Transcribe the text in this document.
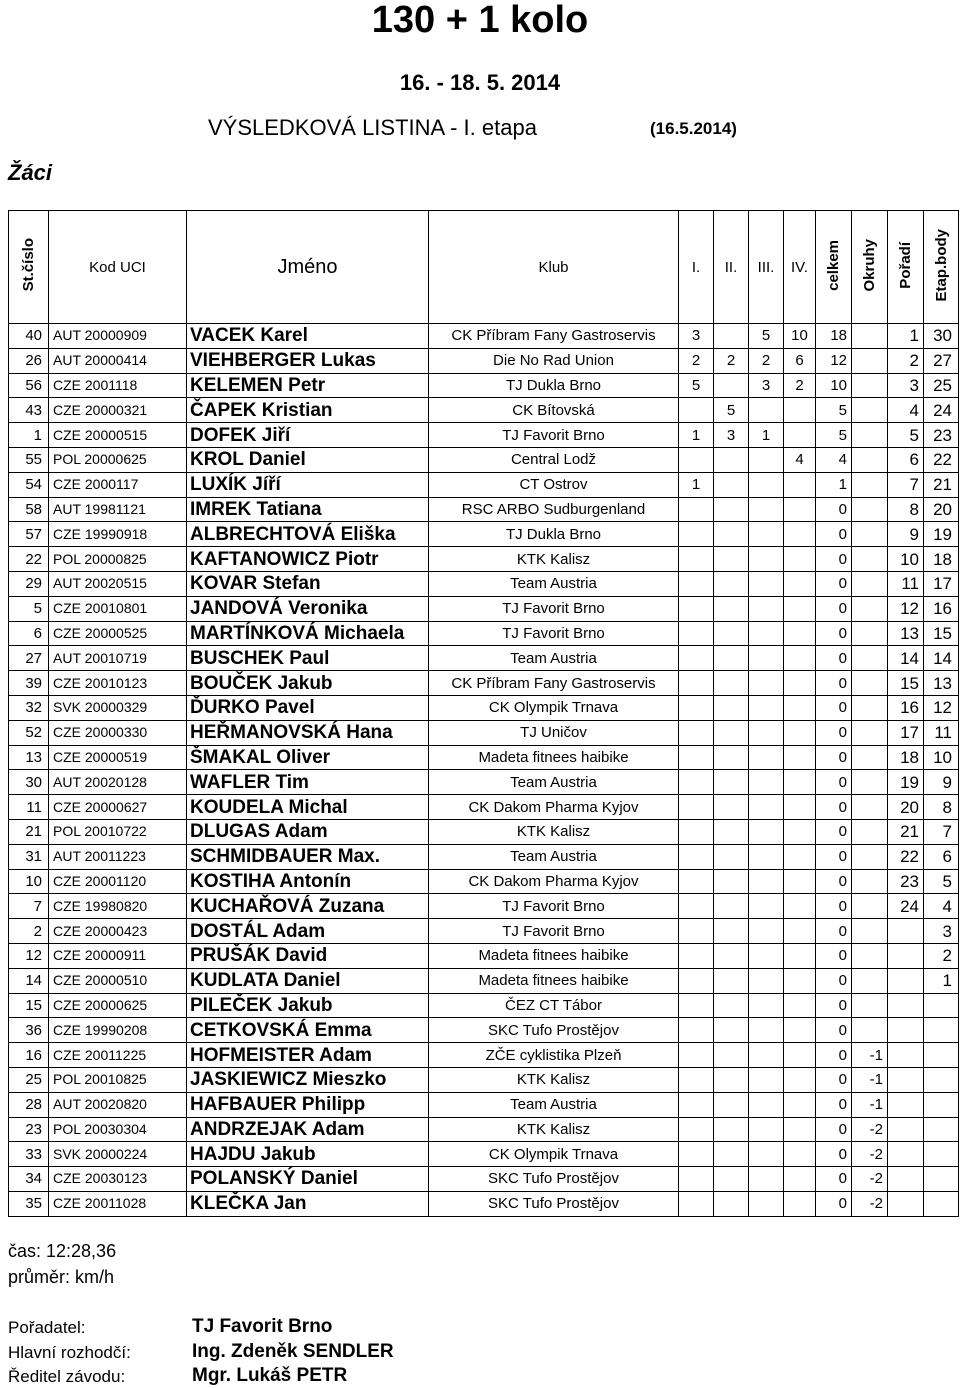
130 + 1 kolo
16. - 18. 5. 2014
VÝSLEDKOVÁ LISTINA - I. etapa	(16.5.2014)
Žáci
St.číslo	Kod UCI	Jméno	Klub	I.	II.	III.	IV.	celkem	Okruhy	Pořadí	Etap.body
40	AUT 20000909	VACEK Karel	CK Příbram Fany Gastroservis	3		5	10	18		1	30
26	AUT 20000414	VIEHBERGER Lukas	Die No Rad Union	2	2	2	6	12		2	27
56	CZE 2001118	KELEMEN Petr	TJ Dukla Brno	5		3	2	10		3	25
43	CZE 20000321	ČAPEK Kristian	CK Bítovská		5			5		4	24
1	CZE 20000515	DOFEK Jiří	TJ Favorit Brno	1	3	1		5		5	23
55	POL 20000625	KROL Daniel	Central Lodž				4	4		6	22
54	CZE 2000117	LUXÍK Jíří	CT Ostrov	1				1		7	21
58	AUT 19981121	IMREK Tatiana	RSC ARBO Sudburgenland					0		8	20
57	CZE 19990918	ALBRECHTOVÁ Eliška	TJ Dukla Brno					0		9	19
22	POL 20000825	KAFTANOWICZ Piotr	KTK Kalisz					0		10	18
29	AUT 20020515	KOVAR Stefan	Team Austria					0		11	17
5	CZE 20010801	JANDOVÁ Veronika	TJ Favorit Brno					0		12	16
6	CZE 20000525	MARTÍNKOVÁ Michaela	TJ Favorit Brno					0		13	15
27	AUT 20010719	BUSCHEK Paul	Team Austria					0		14	14
39	CZE 20010123	BOUČEK Jakub	CK Příbram Fany Gastroservis					0		15	13
32	SVK 20000329	ĎURKO Pavel	CK Olympik Trnava					0		16	12
52	CZE 20000330	HEŘMANOVSKÁ Hana	TJ Uničov					0		17	11
13	CZE 20000519	ŠMAKAL Oliver	Madeta fitnees haibike					0		18	10
30	AUT 20020128	WAFLER Tim	Team Austria					0		19	9
11	CZE 20000627	KOUDELA Michal	CK Dakom Pharma Kyjov					0		20	8
21	POL 20010722	DLUGAS Adam	KTK Kalisz					0		21	7
31	AUT 20011223	SCHMIDBAUER Max.	Team Austria					0		22	6
10	CZE 20001120	KOSTIHA Antonín	CK Dakom Pharma Kyjov					0		23	5
7	CZE 19980820	KUCHAŘOVÁ Zuzana	TJ Favorit Brno					0		24	4
2	CZE 20000423	DOSTÁL Adam	TJ Favorit Brno					0			3
12	CZE 20000911	PRUŠÁK David	Madeta fitnees haibike					0			2
14	CZE 20000510	KUDLATA Daniel	Madeta fitnees haibike					0			1
15	CZE 20000625	PILEČEK Jakub	ČEZ CT Tábor					0			
36	CZE 19990208	CETKOVSKÁ Emma	SKC Tufo Prostějov					0			
16	CZE 20011225	HOFMEISTER Adam	ZČE cyklistika Plzeň					0	-1		
25	POL 20010825	JASKIEWICZ Mieszko	KTK Kalisz					0	-1		
28	AUT 20020820	HAFBAUER Philipp	Team Austria					0	-1		
23	POL 20030304	ANDRZEJAK Adam	KTK Kalisz					0	-2		
33	SVK 20000224	HAJDU Jakub	CK Olympik Trnava					0	-2		
34	CZE 20030123	POLANSKÝ Daniel	SKC Tufo Prostějov					0	-2		
35	CZE 20011028	KLEČKA Jan	SKC Tufo Prostějov					0	-2		
čas: 12:28,36
průměr: km/h
Pořadatel:	TJ Favorit Brno
Hlavní rozhodčí:	Ing. Zdeněk SENDLER
Ředitel závodu:	Mgr. Lukáš PETR
